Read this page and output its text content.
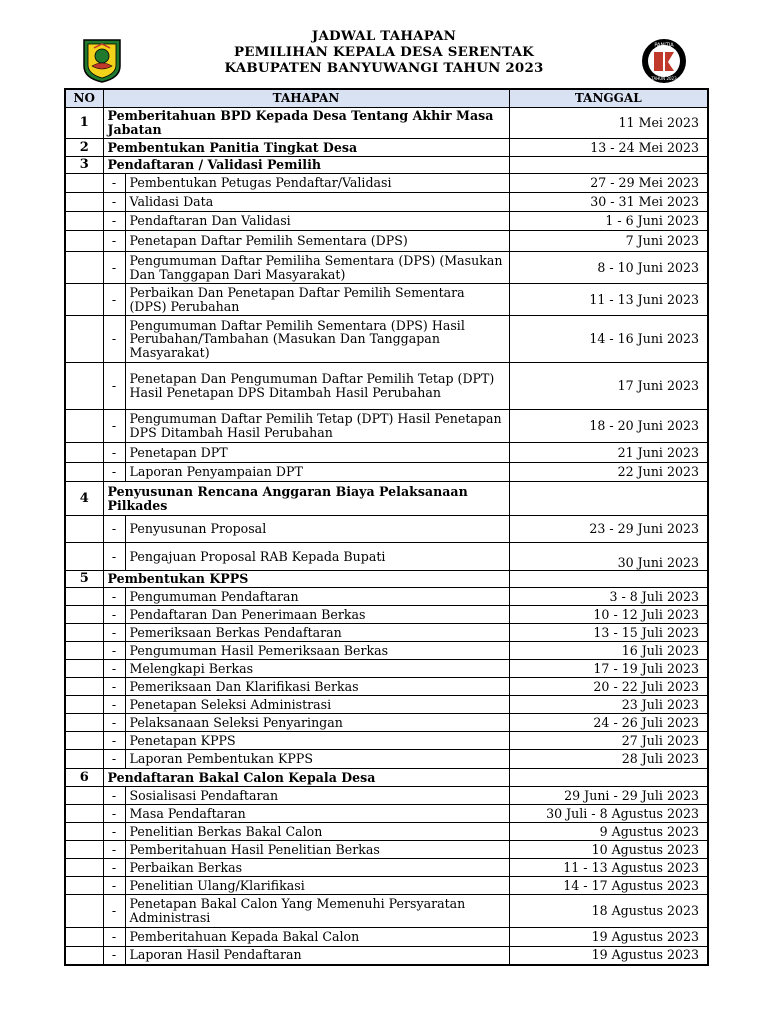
JADWAL TAHAPAN
PEMILIHAN KEPALA DESA SERENTAK
KABUPATEN BANYUWANGI TAHUN 2023
PANITIA
TAHUN 2023
NO	TAHAPAN		TANGGAL
1	Pemberitahuan BPD Kepada Desa Tentang Akhir Masa Jabatan		11 Mei 2023
2	Pembentukan Panitia Tingkat Desa		13 - 24 Mei 2023
3	Pendaftaran / Validasi Pemilih		
	-	Pembentukan Petugas Pendaftar/Validasi	27 - 29 Mei 2023
	-	Validasi Data	30 - 31 Mei 2023
	-	Pendaftaran Dan Validasi	1 - 6 Juni 2023
	-	Penetapan Daftar Pemilih Sementara (DPS)	7 Juni 2023
	-	Pengumuman Daftar Pemiliha Sementara (DPS) (Masukan Dan Tanggapan Dari Masyarakat)	8 - 10 Juni 2023
	-	Perbaikan Dan Penetapan Daftar Pemilih Sementara (DPS) Perubahan	11 - 13 Juni 2023
	-	Pengumuman Daftar Pemilih Sementara (DPS) Hasil Perubahan/Tambahan (Masukan Dan Tanggapan Masyarakat)	14 - 16 Juni 2023
	-	Penetapan Dan Pengumuman Daftar Pemilih Tetap (DPT) Hasil Penetapan DPS Ditambah Hasil Perubahan	17 Juni 2023
	-	Pengumuman Daftar Pemilih Tetap (DPT) Hasil Penetapan DPS Ditambah Hasil Perubahan	18 - 20 Juni 2023
	-	Penetapan DPT	21 Juni 2023
	-	Laporan Penyampaian DPT	22 Juni 2023
4	Penyusunan Rencana Anggaran Biaya Pelaksanaan Pilkades		
	-	Penyusunan Proposal	23 - 29 Juni 2023
	-	Pengajuan Proposal RAB Kepada Bupati	30 Juni 2023
5	Pembentukan KPPS		
	-	Pengumuman Pendaftaran	3 - 8 Juli 2023
	-	Pendaftaran Dan Penerimaan Berkas	10 - 12 Juli 2023
	-	Pemeriksaan Berkas Pendaftaran	13 - 15 Juli 2023
	-	Pengumuman Hasil Pemeriksaan Berkas	16 Juli 2023
	-	Melengkapi Berkas	17 - 19 Juli 2023
	-	Pemeriksaan Dan Klarifikasi Berkas	20 - 22 Juli 2023
	-	Penetapan Seleksi Administrasi	23 Juli 2023
	-	Pelaksanaan Seleksi Penyaringan	24 - 26 Juli 2023
	-	Penetapan KPPS	27 Juli 2023
	-	Laporan Pembentukan KPPS	28 Juli 2023
6	Pendaftaran Bakal Calon Kepala Desa		
	-	Sosialisasi Pendaftaran	29 Juni - 29 Juli 2023
	-	Masa Pendaftaran	30 Juli - 8 Agustus 2023
	-	Penelitian Berkas Bakal Calon	9 Agustus 2023
	-	Pemberitahuan Hasil Penelitian Berkas	10 Agustus 2023
	-	Perbaikan Berkas	11 - 13 Agustus 2023
	-	Penelitian Ulang/Klarifikasi	14 - 17 Agustus 2023
	-	Penetapan Bakal Calon Yang Memenuhi Persyaratan Administrasi	18 Agustus 2023
	-	Pemberitahuan Kepada Bakal Calon	19 Agustus 2023
	-	Laporan Hasil Pendaftaran	19 Agustus 2023
